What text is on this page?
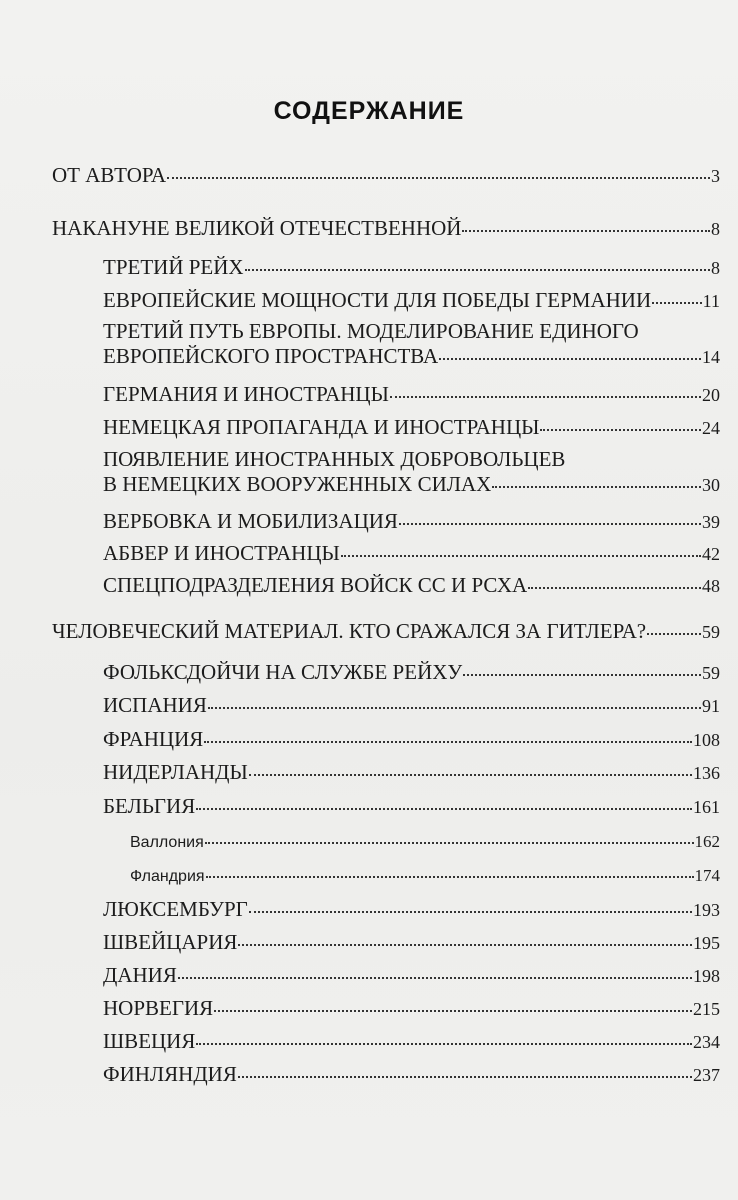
СОДЕРЖАНИЕ
ОТ АВТОРА	3
НАКАНУНЕ ВЕЛИКОЙ ОТЕЧЕСТВЕННОЙ	8
ТРЕТИЙ РЕЙХ	8
ЕВРОПЕЙСКИЕ МОЩНОСТИ ДЛЯ ПОБЕДЫ ГЕРМАНИИ	11
ТРЕТИЙ ПУТЬ ЕВРОПЫ. МОДЕЛИРОВАНИЕ ЕДИНОГО
ЕВРОПЕЙСКОГО ПРОСТРАНСТВА	14
ГЕРМАНИЯ И ИНОСТРАНЦЫ	20
НЕМЕЦКАЯ ПРОПАГАНДА И ИНОСТРАНЦЫ	24
ПОЯВЛЕНИЕ ИНОСТРАННЫХ ДОБРОВОЛЬЦЕВ
В НЕМЕЦКИХ ВООРУЖЕННЫХ СИЛАХ	30
ВЕРБОВКА И МОБИЛИЗАЦИЯ	39
АБВЕР И ИНОСТРАНЦЫ	42
СПЕЦПОДРАЗДЕЛЕНИЯ ВОЙСК СС И РСХА	48
ЧЕЛОВЕЧЕСКИЙ МАТЕРИАЛ. КТО СРАЖАЛСЯ ЗА ГИТЛЕРА?	59
ФОЛЬКСДОЙЧИ НА СЛУЖБЕ РЕЙХУ	59
ИСПАНИЯ	91
ФРАНЦИЯ	108
НИДЕРЛАНДЫ	136
БЕЛЬГИЯ	161
Валлония	162
Фландрия	174
ЛЮКСЕМБУРГ	193
ШВЕЙЦАРИЯ	195
ДАНИЯ	198
НОРВЕГИЯ	215
ШВЕЦИЯ	234
ФИНЛЯНДИЯ	237
